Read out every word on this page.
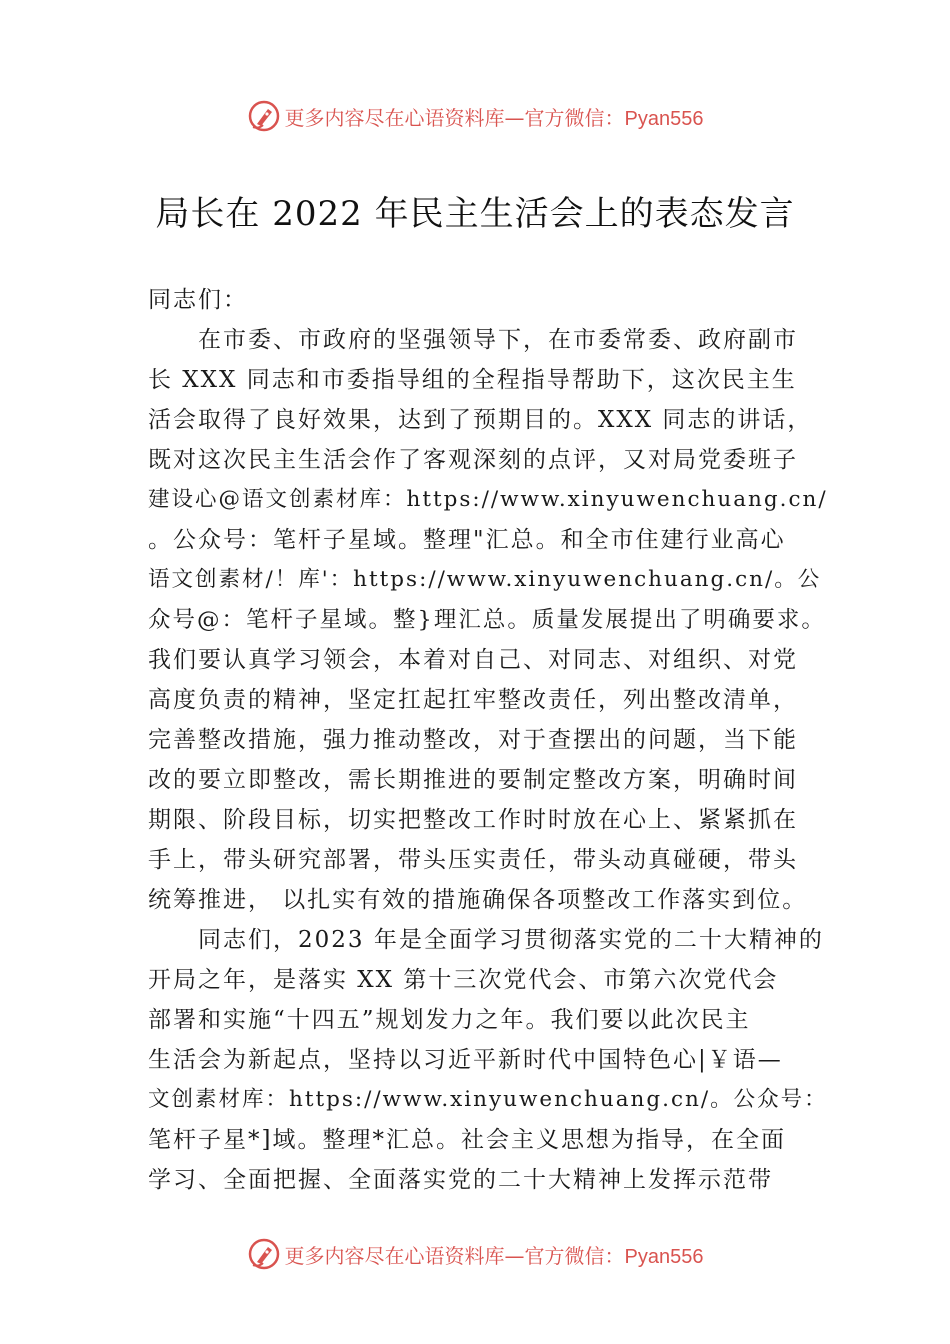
更多内容尽在心语资料库—官方微信：Pyan556
局长在 2022 年民主生活会上的表态发言
同志们：
在市委、市政府的坚强领导下，在市委常委、政府副市
长 XXX 同志和市委指导组的全程指导帮助下，这次民主生
活会取得了良好效果，达到了预期目的。XXX 同志的讲话，
既对这次民主生活会作了客观深刻的点评，又对局党委班子
建设心@语文创素材库：https://www.xinyuwenchuang.cn/
。公众号：笔杆子星域。整理"汇总。和全市住建行业高心
语文创素材/！库'：https://www.xinyuwenchuang.cn/。公
众号@：笔杆子星域。整}理汇总。质量发展提出了明确要求。
我们要认真学习领会，本着对自己、对同志、对组织、对党
高度负责的精神，坚定扛起扛牢整改责任，列出整改清单，
完善整改措施，强力推动整改，对于查摆出的问题，当下能
改的要立即整改，需长期推进的要制定整改方案，明确时间
期限、阶段目标，切实把整改工作时时放在心上、紧紧抓在
手上，带头研究部署，带头压实责任，带头动真碰硬，带头
统筹推进， 以扎实有效的措施确保各项整改工作落实到位。
同志们，2023 年是全面学习贯彻落实党的二十大精神的
开局之年，是落实 XX 第十三次党代会、市第六次党代会
部署和实施“十四五”规划发力之年。我们要以此次民主
生活会为新起点，坚持以习近平新时代中国特色心|￥语—
文创素材库：https://www.xinyuwenchuang.cn/。公众号：
笔杆子星*]域。整理*汇总。社会主义思想为指导，在全面
学习、全面把握、全面落实党的二十大精神上发挥示范带
更多内容尽在心语资料库—官方微信：Pyan556
